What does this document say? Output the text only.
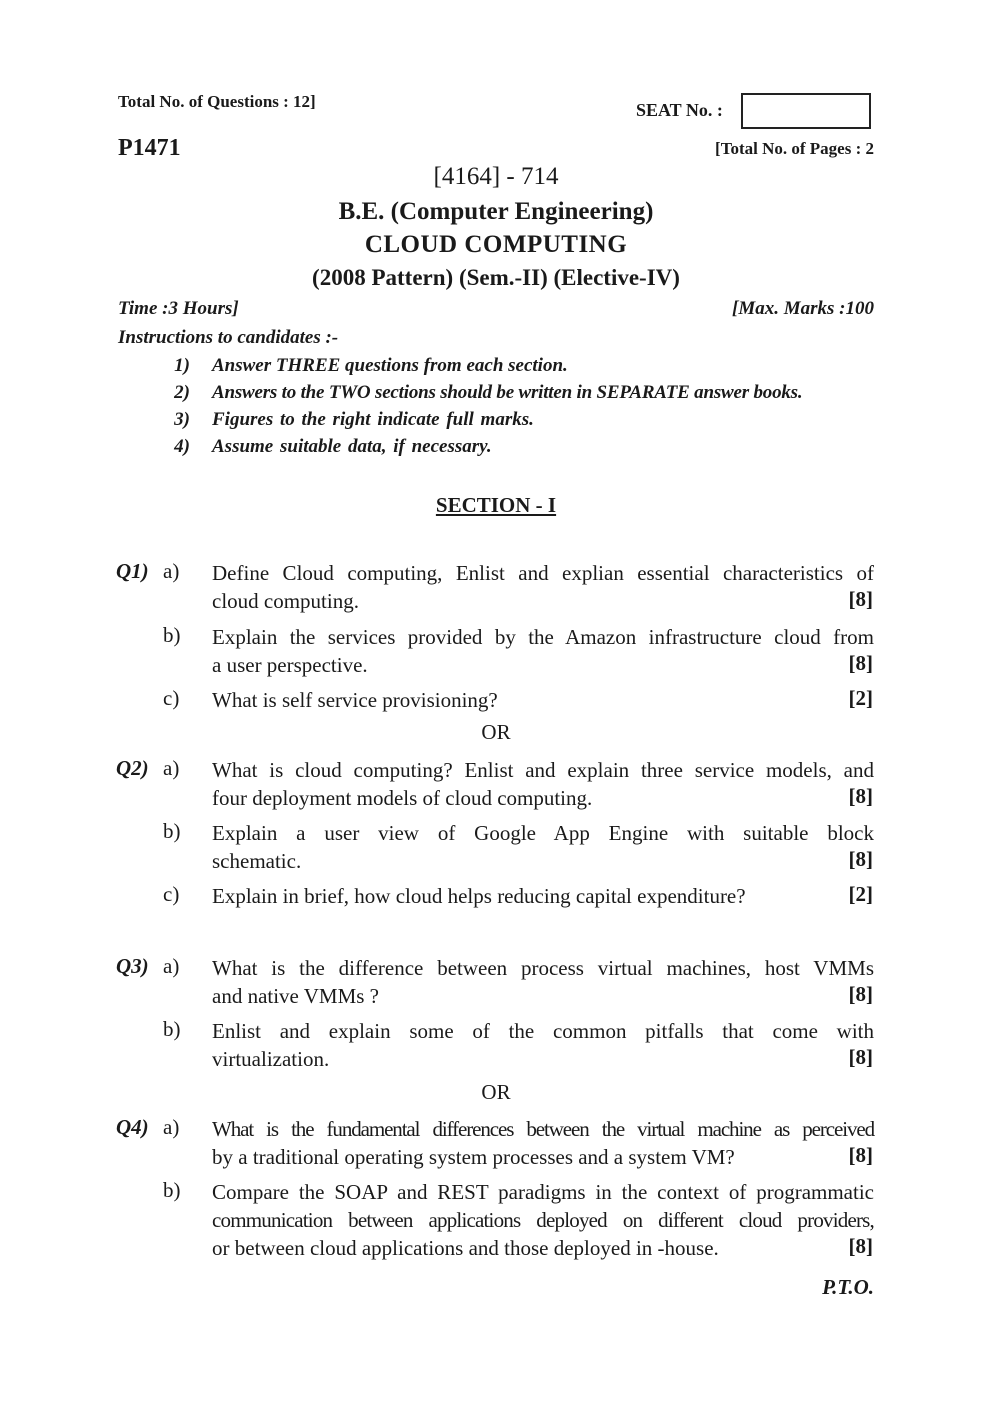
Total No. of Questions : 12]	SEAT No. :
P1471	[Total No. of Pages : 2
[4164] - 714
B.E. (Computer Engineering)
CLOUD COMPUTING
(2008 Pattern) (Sem.-II) (Elective-IV)
Time :3 Hours]	[Max. Marks :100
Instructions to candidates :-
1) Answer THREE questions from each section.
2) Answers to the TWO sections should be written in SEPARATE answer books.
3) Figures to the right indicate full marks.
4) Assume suitable data, if necessary.
SECTION - I
Q1) a) Define Cloud computing, Enlist and explian essential characteristics of
cloud computing.	[8]
b) Explain the services provided by the Amazon infrastructure cloud from
a user perspective.	[8]
c) What is self service provisioning?	[2]
OR
Q2) a) What is cloud computing? Enlist and explain three service models, and
four deployment models of cloud computing.	[8]
b) Explain a user view of Google App Engine with suitable block
schematic.	[8]
c) Explain in brief, how cloud helps reducing capital expenditure?	[2]
Q3) a) What is the difference between process virtual machines, host VMMs
and native VMMs ?	[8]
b) Enlist and explain some of the common pitfalls that come with
virtualization.	[8]
OR
Q4) a) What is the fundamental differences between the virtual machine as perceived
by a traditional operating system processes and a system VM?	[8]
b) Compare the SOAP and REST paradigms in the context of programmatic
communication between applications deployed on different cloud providers,
or between cloud applications and those deployed in -house.	[8]
P.T.O.
